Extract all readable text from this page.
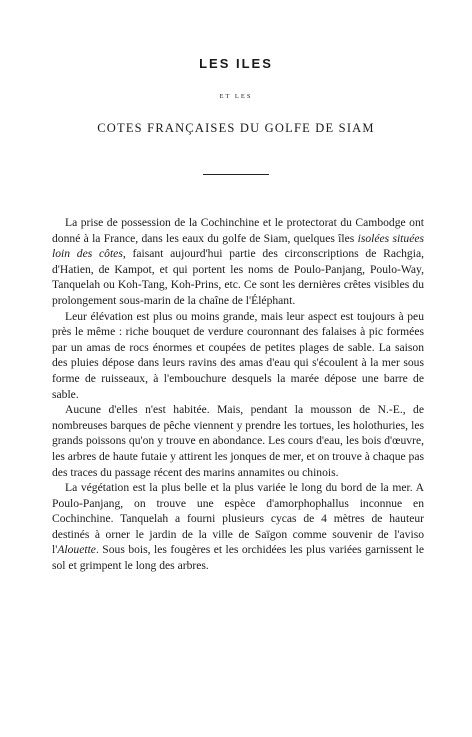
LES ILES
ET LES
COTES FRANÇAISES DU GOLFE DE SIAM

La prise de possession de la Cochinchine et le protectorat du Cambodge ont donné à la France, dans les eaux du golfe de Siam, quelques îles isolées situées loin des côtes, faisant aujourd'hui partie des circonscriptions de Rachgia, d'Hatien, de Kampot, et qui portent les noms de Poulo-Panjang, Poulo-Way, Tanquelah ou Koh-Tang, Koh-Prins, etc. Ce sont les dernières crêtes visibles du prolongement sous-marin de la chaîne de l'Éléphant.

Leur élévation est plus ou moins grande, mais leur aspect est toujours à peu près le même : riche bouquet de verdure couronnant des falaises à pic formées par un amas de rocs énormes et coupées de petites plages de sable. La saison des pluies dépose dans leurs ravins des amas d'eau qui s'écoulent à la mer sous forme de ruisseaux, à l'embouchure desquels la marée dépose une barre de sable.

Aucune d'elles n'est habitée. Mais, pendant la mousson de N.-E., de nombreuses barques de pêche viennent y prendre les tortues, les holothuries, les grands poissons qu'on y trouve en abondance. Les cours d'eau, les bois d'œuvre, les arbres de haute futaie y attirent les jonques de mer, et on trouve à chaque pas des traces du passage récent des marins annamites ou chinois.

La végétation est la plus belle et la plus variée le long du bord de la mer. A Poulo-Panjang, on trouve une espèce d'amorphophallus inconnue en Cochinchine. Tanquelah a fourni plusieurs cycas de 4 mètres de hauteur destinés à orner le jardin de la ville de Saïgon comme souvenir de l'aviso l'Alouette. Sous bois, les fougères et les orchidées les plus variées garnissent le sol et grimpent le long des arbres.
